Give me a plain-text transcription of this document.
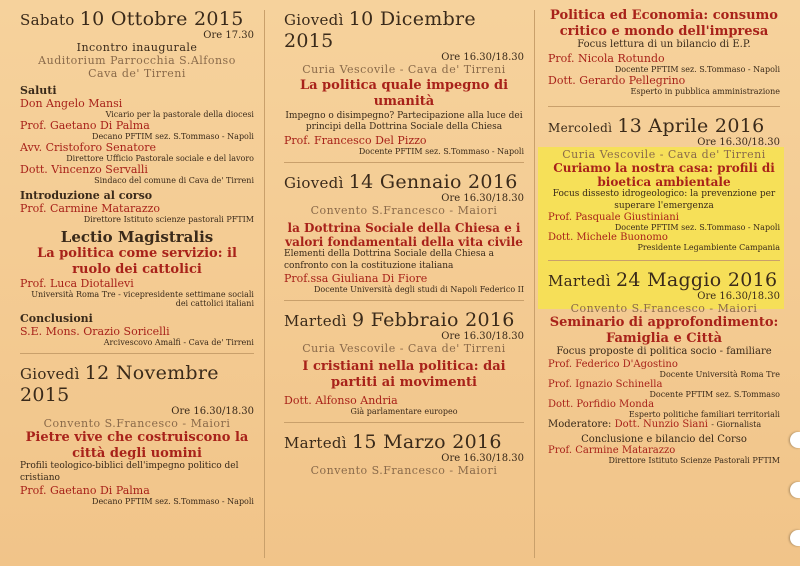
Sabato 10 Ottobre 2015
Ore 17.30
Incontro inaugurale
Auditorium Parrocchia S.Alfonso
Cava de' Tirreni
Saluti
Don Angelo Mansi
Vicario per la pastorale della diocesi
Prof. Gaetano Di Palma
Decano PFTIM sez. S.Tommaso - Napoli
Avv. Cristoforo Senatore
Direttore Ufficio Pastorale sociale e del lavoro
Dott. Vincenzo Servalli
Sindaco del comune di Cava de' Tirreni
Introduzione al corso
Prof. Carmine Matarazzo
Direttore Istituto scienze pastorali PFTIM
Lectio Magistralis
La politica come servizio: il ruolo dei cattolici
Prof. Luca Diotallevi
Università Roma Tre - vicepresidente settimane sociali
dei cattolici italiani
Conclusioni
S.E. Mons. Orazio Soricelli
Arcivescovo Amalfi - Cava de' Tirreni
Giovedì 12 Novembre 2015
Ore 16.30/18.30
Convento S.Francesco - Maiori
Pietre vive che costruiscono la città degli uomini
Profili teologico-biblici dell'impegno politico del cristiano
Prof. Gaetano Di Palma
Decano PFTIM sez. S.Tommaso - Napoli
Giovedì 10 Dicembre 2015
Ore 16.30/18.30
Curia Vescovile - Cava de' Tirreni
La politica quale impegno di umanità
Impegno o disimpegno? Partecipazione alla luce dei principi della Dottrina Sociale della Chiesa
Prof. Francesco Del Pizzo
Docente PFTIM sez. S.Tommaso - Napoli
Giovedì 14 Gennaio 2016
Ore 16.30/18.30
Convento S.Francesco - Maiori
la Dottrina Sociale della Chiesa e i valori fondamentali della vita civile
Elementi della Dottrina Sociale della Chiesa a confronto con la costituzione italiana
Prof.ssa Giuliana Di Fiore
Docente Università degli studi di Napoli Federico II
Martedì 9 Febbraio 2016
Ore 16.30/18.30
Curia Vescovile - Cava de' Tirreni
I cristiani nella politica: dai partiti ai movimenti
Dott. Alfonso Andria
Già parlamentare europeo
Martedì 15 Marzo 2016
Ore 16.30/18.30
Convento S.Francesco - Maiori
Politica ed Economia: consumo critico e mondo dell'impresa
Focus lettura di un bilancio di E.P.
Prof. Nicola Rotundo
Docente PFTIM sez. S.Tommaso - Napoli
Dott. Gerardo Pellegrino
Esperto in pubblica amministrazione
Mercoledì 13 Aprile 2016
Ore 16.30/18.30
Curia Vescovile - Cava de' Tirreni
Curiamo la nostra casa: profili di bioetica ambientale
Focus dissesto idrogeologico: la prevenzione per superare l'emergenza
Prof. Pasquale Giustiniani
Docente PFTIM sez. S.Tommaso - Napoli
Dott. Michele Buonomo
Presidente Legambiente Campania
Martedì 24 Maggio 2016
Ore 16.30/18.30
Convento S.Francesco - Maiori
Seminario di approfondimento: Famiglia e Città
Focus proposte di politica socio - familiare
Prof. Federico D'Agostino
Docente Università Roma Tre
Prof. Ignazio Schinella
Docente PFTIM sez. S.Tommaso
Dott. Porfidio Monda
Esperto politiche familiari territoriali
Moderatore: Dott. Nunzio Siani - Giornalista
Conclusione e bilancio del Corso
Prof. Carmine Matarazzo
Direttore Istituto Scienze Pastorali PFTIM
